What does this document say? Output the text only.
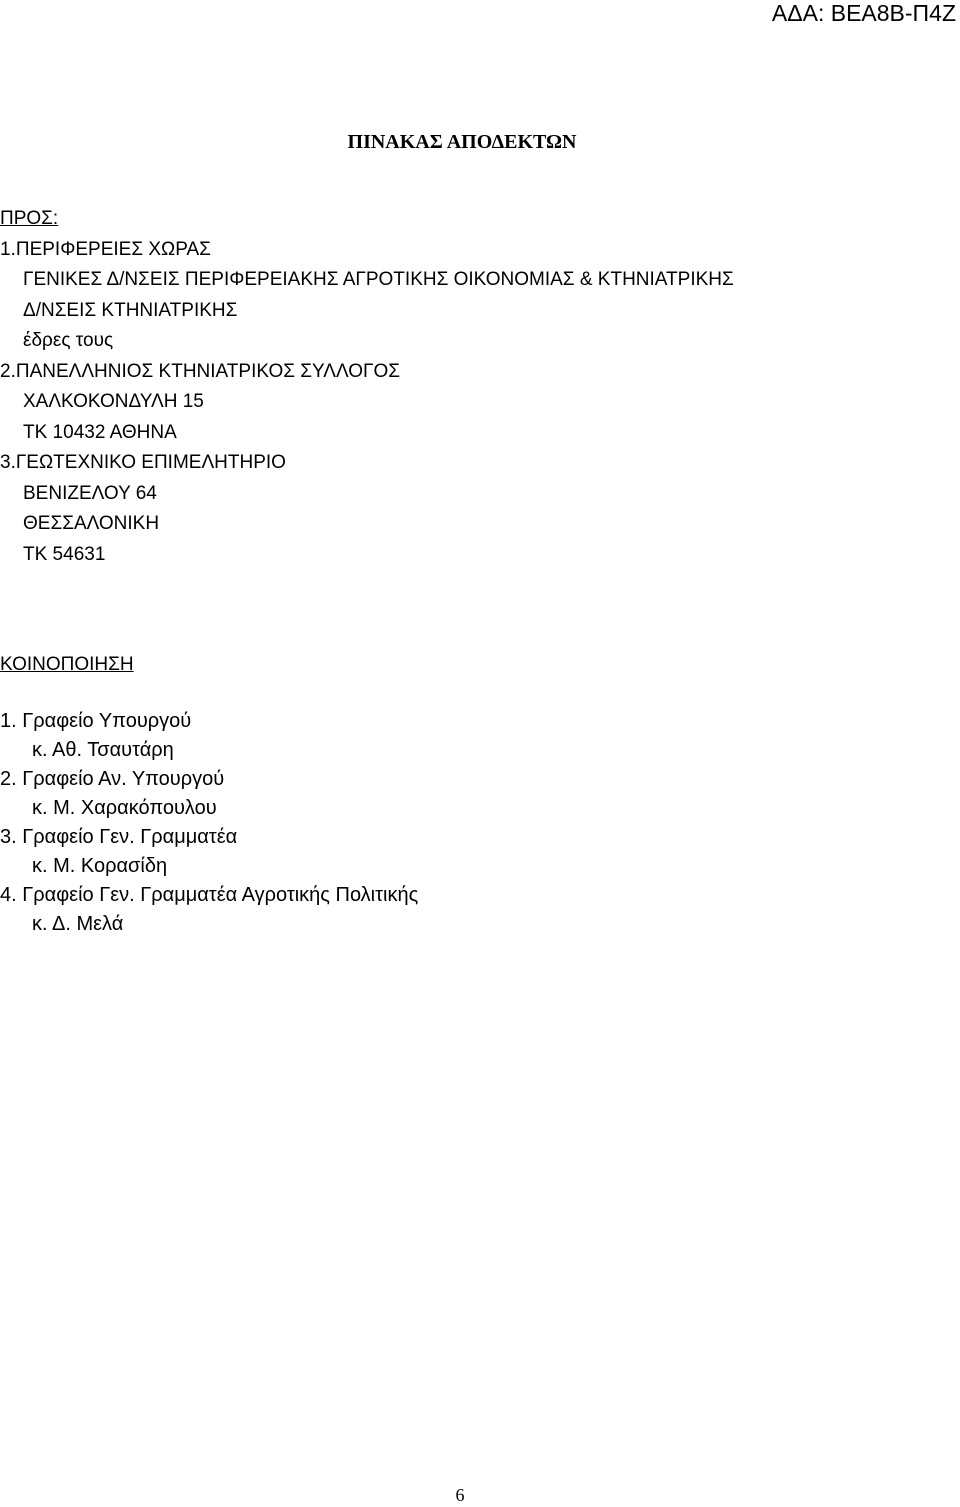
ΑΔΑ: ΒΕΑ8Β-Π4Ζ
ΠΙΝΑΚΑΣ ΑΠΟΔΕΚΤΩΝ
ΠΡΟΣ:
1.ΠΕΡΙΦΕΡΕΙΕΣ ΧΩΡΑΣ
ΓΕΝΙΚΕΣ Δ/ΝΣΕΙΣ ΠΕΡΙΦΕΡΕΙΑΚΗΣ ΑΓΡΟΤΙΚΗΣ ΟΙΚΟΝΟΜΙΑΣ & ΚΤΗΝΙΑΤΡΙΚΗΣ
Δ/ΝΣΕΙΣ ΚΤΗΝΙΑΤΡΙΚΗΣ
έδρες τους
2.ΠΑΝΕΛΛΗΝΙΟΣ ΚΤΗΝΙΑΤΡΙΚΟΣ ΣΥΛΛΟΓΟΣ
ΧΑΛΚΟΚΟΝΔΥΛΗ 15
ΤΚ 10432 ΑΘΗΝΑ
3.ΓΕΩΤΕΧΝΙΚΟ ΕΠΙΜΕΛΗΤΗΡΙΟ
ΒΕΝΙΖΕΛΟΥ 64
ΘΕΣΣΑΛΟΝΙΚΗ
ΤΚ 54631
ΚΟΙΝΟΠΟΙΗΣΗ
1. Γραφείο Υπουργού
κ. Αθ. Τσαυτάρη
2. Γραφείο Αν. Υπουργού
κ. Μ. Χαρακόπουλου
3. Γραφείο Γεν. Γραμματέα
κ. Μ. Κορασίδη
4. Γραφείο Γεν. Γραμματέα Αγροτικής Πολιτικής
κ. Δ. Μελά
6
